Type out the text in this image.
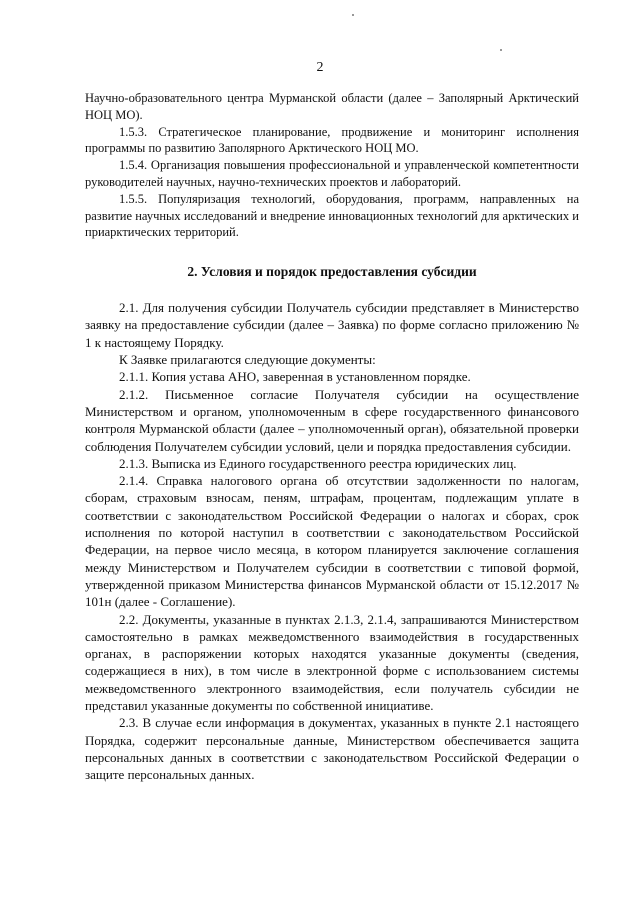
2

Научно-образовательного центра Мурманской области (далее – Заполярный Арктический НОЦ МО).

1.5.3. Стратегическое планирование, продвижение и мониторинг исполнения программы по развитию Заполярного Арктического НОЦ МО.

1.5.4. Организация повышения профессиональной и управленческой компетентности руководителей научных, научно-технических проектов и лабораторий.

1.5.5. Популяризация технологий, оборудования, программ, направленных на развитие научных исследований и внедрение инновационных технологий для арктических и приарктических территорий.

2. Условия и порядок предоставления субсидии

2.1. Для получения субсидии Получатель субсидии представляет в Министерство заявку на предоставление субсидии (далее – Заявка) по форме согласно приложению № 1 к настоящему Порядку.

К Заявке прилагаются следующие документы:

2.1.1. Копия устава АНО, заверенная в установленном порядке.

2.1.2. Письменное согласие Получателя субсидии на осуществление Министерством и органом, уполномоченным в сфере государственного финансового контроля Мурманской области (далее – уполномоченный орган), обязательной проверки соблюдения Получателем субсидии условий, цели и порядка предоставления субсидии.

2.1.3. Выписка из Единого государственного реестра юридических лиц.

2.1.4. Справка налогового органа об отсутствии задолженности по налогам, сборам, страховым взносам, пеням, штрафам, процентам, подлежащим уплате в соответствии с законодательством Российской Федерации о налогах и сборах, срок исполнения по которой наступил в соответствии с законодательством Российской Федерации, на первое число месяца, в котором планируется заключение соглашения между Министерством и Получателем субсидии в соответствии с типовой формой, утвержденной приказом Министерства финансов Мурманской области от 15.12.2017 № 101н (далее - Соглашение).

2.2. Документы, указанные в пунктах 2.1.3, 2.1.4, запрашиваются Министерством самостоятельно в рамках межведомственного взаимодействия в государственных органах, в распоряжении которых находятся указанные документы (сведения, содержащиеся в них), в том числе в электронной форме с использованием системы межведомственного электронного взаимодействия, если получатель субсидии не представил указанные документы по собственной инициативе.

2.3. В случае если информация в документах, указанных в пункте 2.1 настоящего Порядка, содержит персональные данные, Министерством обеспечивается защита персональных данных в соответствии с законодательством Российской Федерации о защите персональных данных.
